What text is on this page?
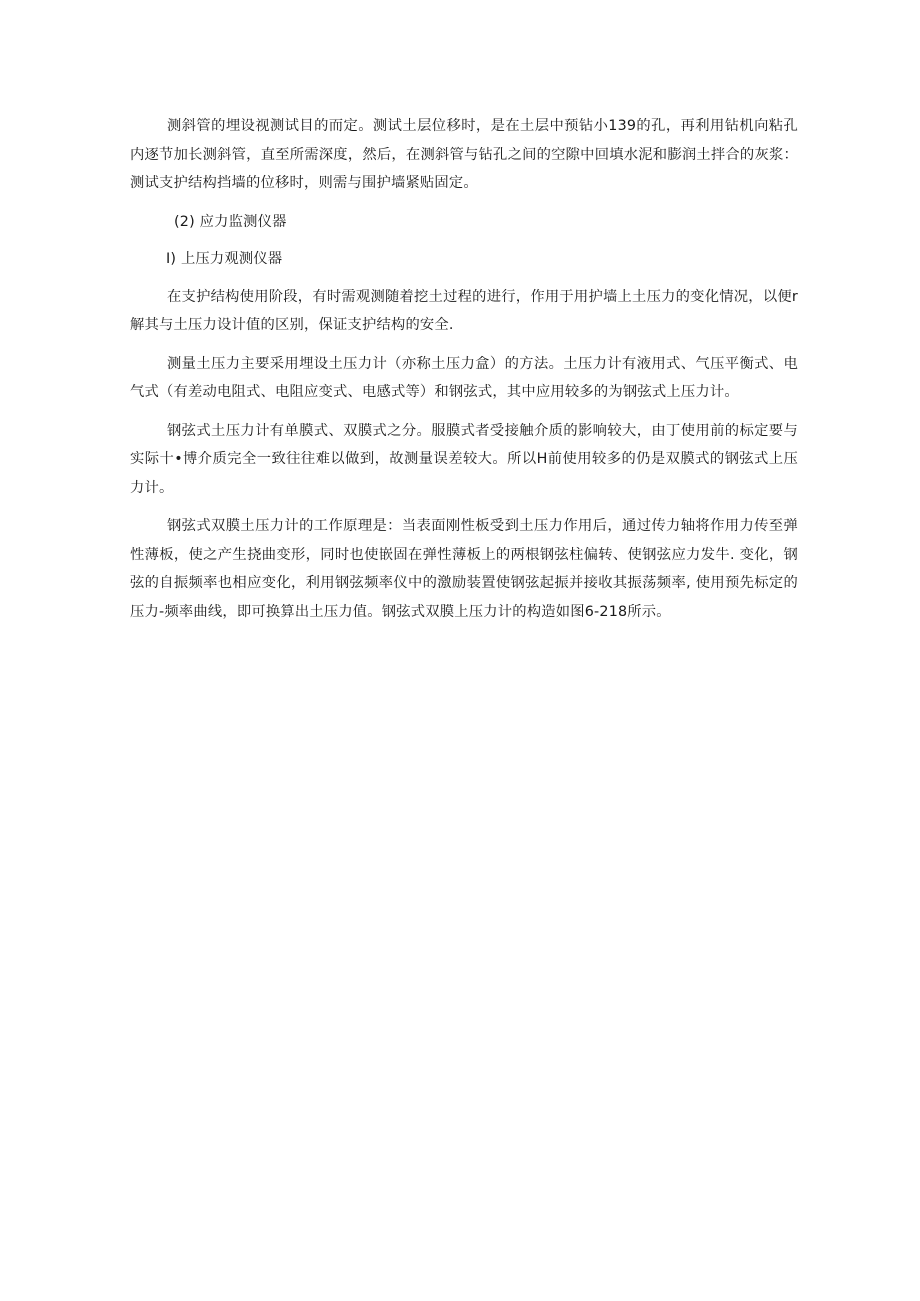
测斜管的埋设视测试目的而定。测试土层位移时，是在土层中预钻小139的孔，再利用钻机向粘孔内逐节加长测斜管，直至所需深度，然后，在测斜管与钻孔之间的空隙中回填水泥和膨润土拌合的灰浆：测试支护结构挡墙的位移时，则需与围护墙紧贴固定。

(2) 应力监测仪器

I) 上压力观测仪器

在支护结构使用阶段，有时需观测随着挖土过程的进行，作用于用护墙上土压力的变化情况，以便r解其与土压力设计值的区别，保证支护结构的安全.

测量土压力主要采用埋设土压力计（亦称土压力盒）的方法。土压力计有液用式、气压平衡式、电气式（有差动电阻式、电阻应变式、电感式等）和钢弦式，其中应用较多的为钢弦式上压力计。

钢弦式土压力计有单膜式、双膜式之分。服膜式者受接触介质的影响较大，由丁使用前的标定要与实际十•博介质完全一致往往难以做到，故测量误差较大。所以H前使用较多的仍是双膜式的钢弦式上压力计。

钢弦式双膜土压力计的工作原理是：当表面刚性板受到土压力作用后，通过传力轴将作用力传至弹性薄板，使之产生挠曲变形，同时也使嵌固在弹性薄板上的两根钢弦柱偏转、使钢弦应力发牛. 变化，钢弦的自振频率也相应变化，利用钢弦频率仪中的激励装置使钢弦起振并接收其振荡频率, 使用预先标定的压力-频率曲线，即可换算出土压力值。钢弦式双膜上压力计的构造如图6-218所示。
